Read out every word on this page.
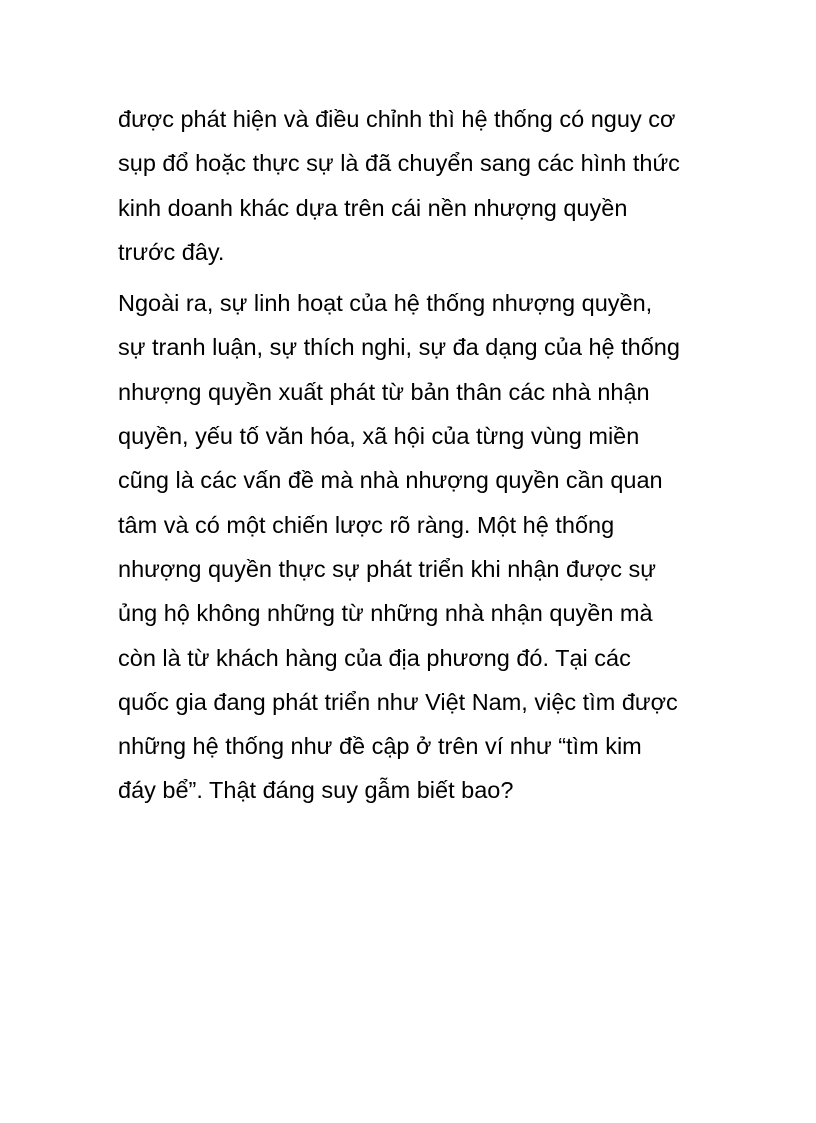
được phát hiện và điều chỉnh thì hệ thống có nguy cơ
sụp đổ hoặc thực sự là đã chuyển sang các hình thức
kinh doanh khác dựa trên cái nền nhượng quyền
trước đây.

Ngoài ra, sự linh hoạt của hệ thống nhượng quyền,
sự tranh luận, sự thích nghi, sự đa dạng của hệ thống
nhượng quyền xuất phát từ bản thân các nhà nhận
quyền, yếu tố văn hóa, xã hội của từng vùng miền
cũng là các vấn đề mà nhà nhượng quyền cần quan
tâm và có một chiến lược rõ ràng. Một hệ thống
nhượng quyền thực sự phát triển khi nhận được sự
ủng hộ không những từ những nhà nhận quyền mà
còn là từ khách hàng của địa phương đó. Tại các
quốc gia đang phát triển như Việt Nam, việc tìm được
những hệ thống như đề cập ở trên ví như “tìm kim
đáy bể”. Thật đáng suy gẫm biết bao?
